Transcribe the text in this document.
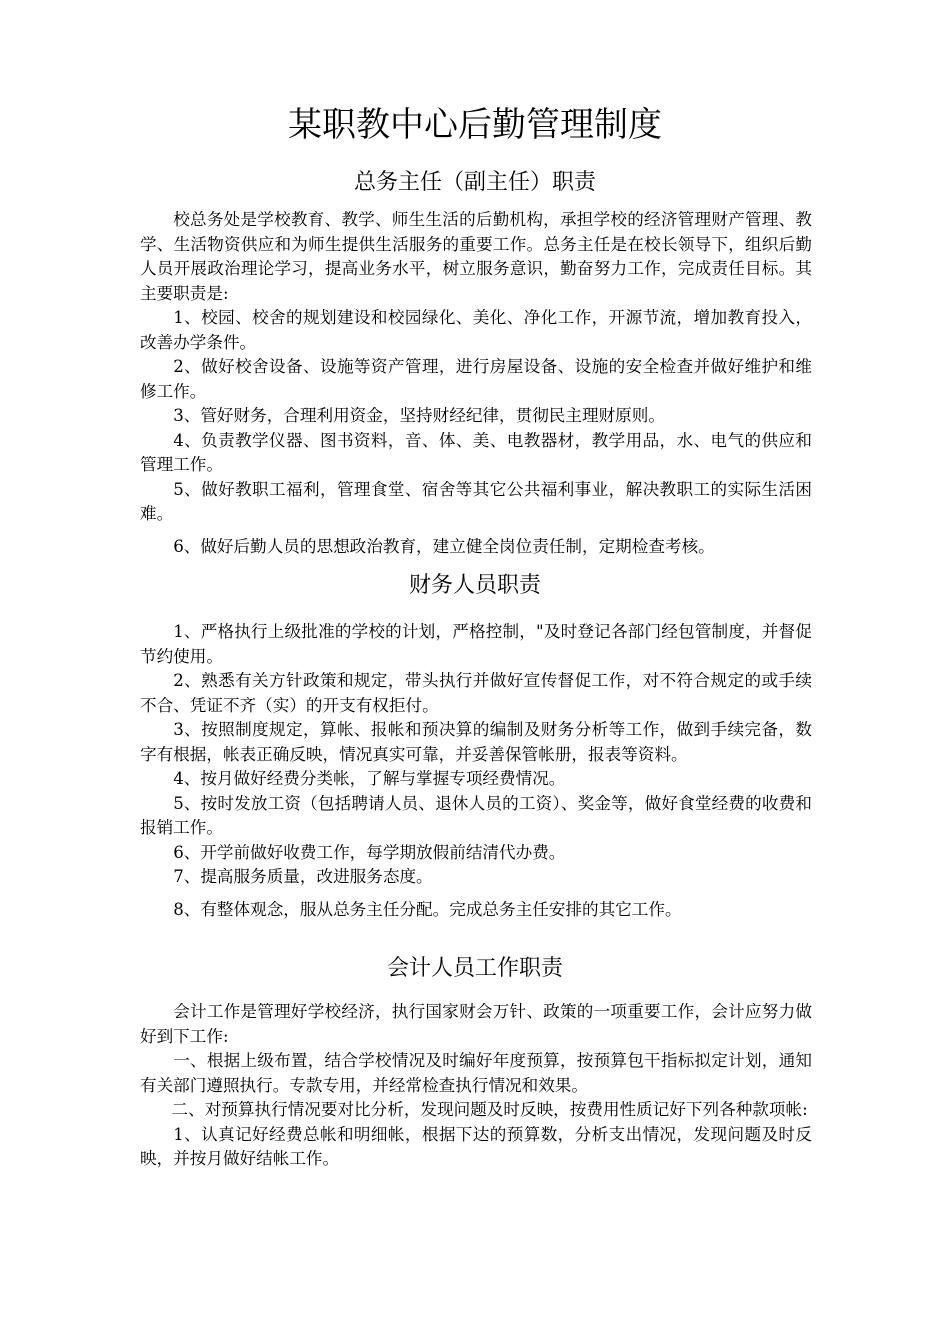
某职教中心后勤管理制度
总务主任（副主任）职责

校总务处是学校教育、教学、师生生活的后勤机构，承担学校的经济管理财产管理、教学、生活物资供应和为师生提供生活服务的重要工作。总务主任是在校长领导下，组织后勤人员开展政治理论学习，提高业务水平，树立服务意识，勤奋努力工作，完成责任目标。其主要职责是:

1、校园、校舍的规划建设和校园绿化、美化、净化工作，开源节流，增加教育投入，改善办学条件。

2、做好校舍设备、设施等资产管理，进行房屋设备、设施的安全检查并做好维护和维修工作。

3、管好财务，合理利用资金，坚持财经纪律，贯彻民主理财原则。

4、负责教学仪器、图书资料，音、体、美、电教器材，教学用品，水、电气的供应和管理工作。

5、做好教职工福利，管理食堂、宿舍等其它公共福利事业，解决教职工的实际生活困难。

6、做好后勤人员的思想政治教育，建立健全岗位责任制，定期检查考核。

财务人员职责

1、严格执行上级批准的学校的计划，严格控制，"及时登记各部门经包管制度，并督促节约使用。

2、熟悉有关方针政策和规定，带头执行并做好宣传督促工作，对不符合规定的或手续不合、凭证不齐（实）的开支有权拒付。

3、按照制度规定，算帐、报帐和预决算的编制及财务分析等工作，做到手续完备，数字有根据，帐表正确反映，情况真实可靠，并妥善保管帐册，报表等资料。

4、按月做好经费分类帐，了解与掌握专项经费情况。

5、按时发放工资（包括聘请人员、退休人员的工资）、奖金等，做好食堂经费的收费和报销工作。

6、开学前做好收费工作，每学期放假前结清代办费。

7、提高服务质量，改进服务态度。

8、有整体观念，服从总务主任分配。完成总务主任安排的其它工作。

会计人员工作职责

会计工作是管理好学校经济，执行国家财会万针、政策的一项重要工作，会计应努力做好到下工作:

一、根据上级布置，结合学校情况及时编好年度预算，按预算包干指标拟定计划，通知有关部门遵照执行。专款专用，并经常检查执行情况和效果。

二、对预算执行情况要对比分析，发现问题及时反映，按费用性质记好下列各种款项帐:

1、认真记好经费总帐和明细帐，根据下达的预算数，分析支出情况，发现问题及时反映，并按月做好结帐工作。
